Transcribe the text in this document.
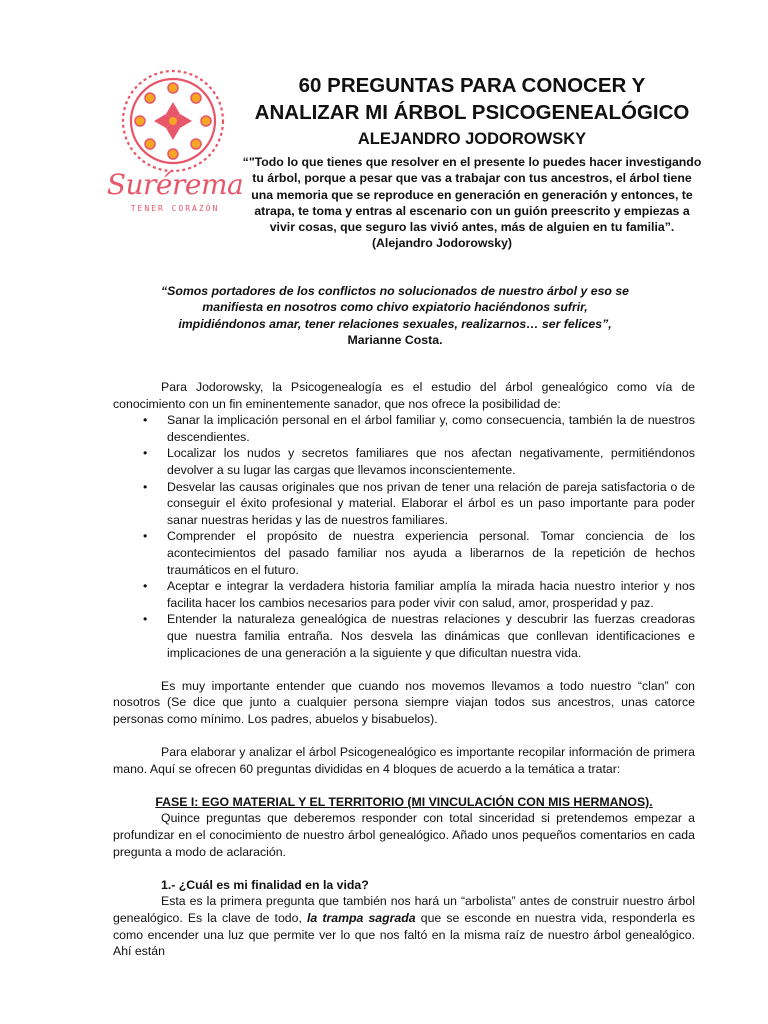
Surérema
TENER CORAZÓN
60 PREGUNTAS PARA CONOCER Y
ANALIZAR MI ÁRBOL PSICOGENEALÓGICO
ALEJANDRO JODOROWSKY
“"Todo lo que tienes que resolver en el presente lo puedes hacer investigando tu árbol, porque a pesar que vas a trabajar con tus ancestros, el árbol tiene una memoria que se reproduce en generación en generación y entonces, te atrapa, te toma y entras al escenario con un guión preescrito y empiezas a vivir cosas, que seguro las vivió antes, más de alguien en tu familia”.
(Alejandro Jodorowsky)
“Somos portadores de los conflictos no solucionados de nuestro árbol y eso se manifiesta en nosotros como chivo expiatorio haciéndonos sufrir, impidiéndonos amar, tener relaciones sexuales, realizarnos… ser felices”,
Marianne Costa.

Para Jodorowsky, la Psicogenealogía es el estudio del árbol genealógico como vía de conocimiento con un fin eminentemente sanador, que nos ofrece la posibilidad de:

• Sanar la implicación personal en el árbol familiar y, como consecuencia, también la de nuestros descendientes.
• Localizar los nudos y secretos familiares que nos afectan negativamente, permitiéndonos devolver a su lugar las cargas que llevamos inconscientemente.
• Desvelar las causas originales que nos privan de tener una relación de pareja satisfactoria o de conseguir el éxito profesional y material. Elaborar el árbol es un paso importante para poder sanar nuestras heridas y las de nuestros familiares.
• Comprender el propósito de nuestra experiencia personal. Tomar conciencia de los acontecimientos del pasado familiar nos ayuda a liberarnos de la repetición de hechos traumáticos en el futuro.
• Aceptar e integrar la verdadera historia familiar amplía la mirada hacia nuestro interior y nos facilita hacer los cambios necesarios para poder vivir con salud, amor, prosperidad y paz.
• Entender la naturaleza genealógica de nuestras relaciones y descubrir las fuerzas creadoras que nuestra familia entraña. Nos desvela las dinámicas que conllevan identificaciones e implicaciones de una generación a la siguiente y que dificultan nuestra vida.

Es muy importante entender que cuando nos movemos llevamos a todo nuestro “clan” con nosotros (Se dice que junto a cualquier persona siempre viajan todos sus ancestros, unas catorce personas como mínimo. Los padres, abuelos y bisabuelos).

Para elaborar y analizar el árbol Psicogenealógico es importante recopilar información de primera mano. Aquí se ofrecen 60 preguntas divididas en 4 bloques de acuerdo a la temática a tratar:

FASE I: EGO MATERIAL Y EL TERRITORIO (MI VINCULACIÓN CON MIS HERMANOS).

Quince preguntas que deberemos responder con total sinceridad si pretendemos empezar a profundizar en el conocimiento de nuestro árbol genealógico. Añado unos pequeños comentarios en cada pregunta a modo de aclaración.

1.- ¿Cuál es mi finalidad en la vida?

Esta es la primera pregunta que también nos hará un “arbolista” antes de construir nuestro árbol genealógico. Es la clave de todo, la trampa sagrada que se esconde en nuestra vida, responderla es como encender una luz que permite ver lo que nos faltó en la misma raíz de nuestro árbol genealógico. Ahí están
